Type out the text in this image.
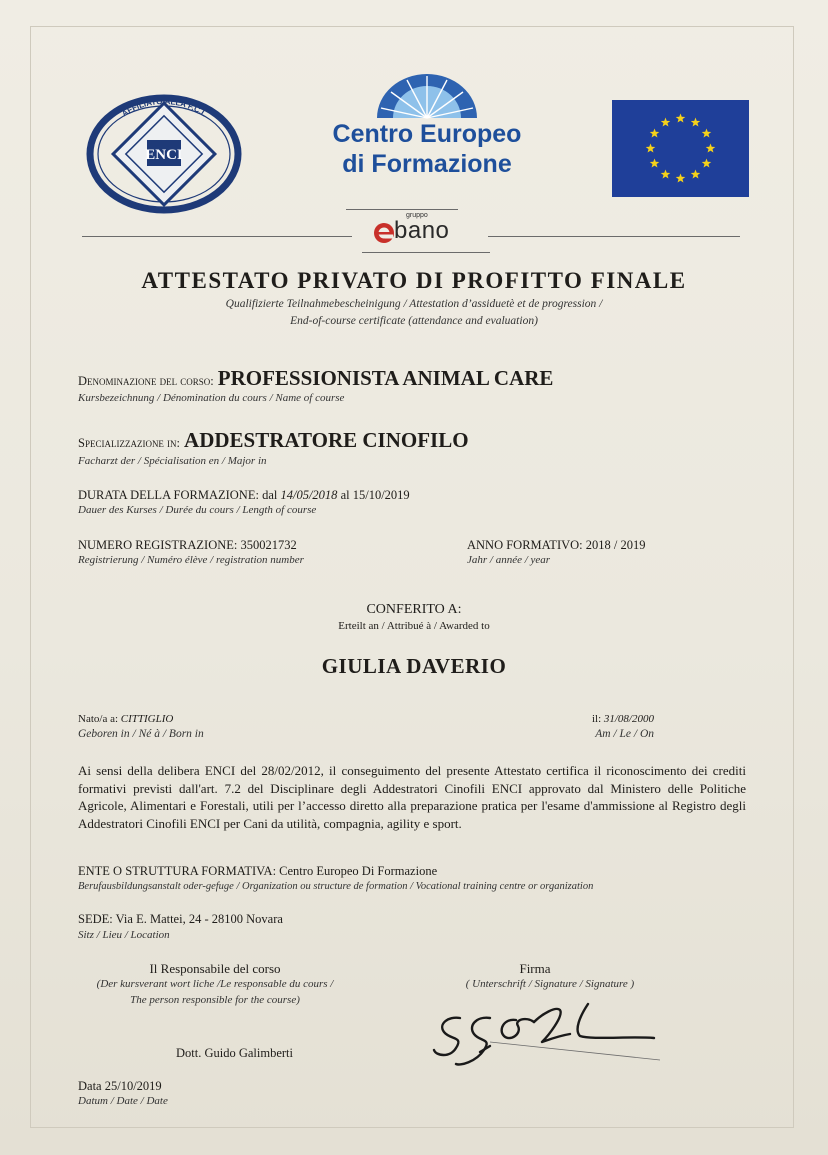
ENCI
AFFILIATO ALLA F.C.I.
Centro Europeo
di Formazione
gruppo
bano
ATTESTATO PRIVATO DI PROFITTO FINALE
Qualifizierte Teilnahmebescheinigung / Attestation d’assiduetè et de progression /
End-of-course certificate (attendance and evaluation)
Denominazione del corso: PROFESSIONISTA ANIMAL CARE
Kursbezeichnung / Dénomination du cours / Name of course
Specializzazione in: ADDESTRATORE CINOFILO
Facharzt der / Spécialisation en / Major in
DURATA DELLA FORMAZIONE: dal 14/05/2018 al 15/10/2019
Dauer des Kurses / Durée du cours / Length of course
NUMERO REGISTRAZIONE: 350021732
Registrierung / Numéro élève / registration number
ANNO FORMATIVO: 2018 / 2019
Jahr / année / year
CONFERITO A:
Erteilt an / Attribué à / Awarded to
GIULIA DAVERIO
Nato/a a: CITTIGLIO
Geboren in / Né à / Born in
il: 31/08/2000
Am / Le / On
Ai sensi della delibera ENCI del 28/02/2012, il conseguimento del presente Attestato certifica il riconoscimento dei crediti formativi previsti dall'art. 7.2 del Disciplinare degli Addestratori Cinofili ENCI approvato dal Ministero delle Politiche Agricole, Alimentari e Forestali, utili per l’accesso diretto alla preparazione pratica per l'esame d'ammissione al Registro degli Addestratori Cinofili ENCI per Cani da utilità, compagnia, agility e sport.
ENTE O STRUTTURA FORMATIVA: Centro Europeo Di Formazione
Berufausbildungsanstalt oder-gefuge / Organization ou structure de formation / Vocational training centre or organization
SEDE: Via E. Mattei, 24 - 28100 Novara
Sitz / Lieu / Location
Il Responsabile del corso
(Der kursverant wort liche /Le responsable du cours /
The person responsible for the course)
Dott. Guido Galimberti
Firma
( Unterschrift / Signature / Signature )
Data 25/10/2019
Datum / Date / Date
